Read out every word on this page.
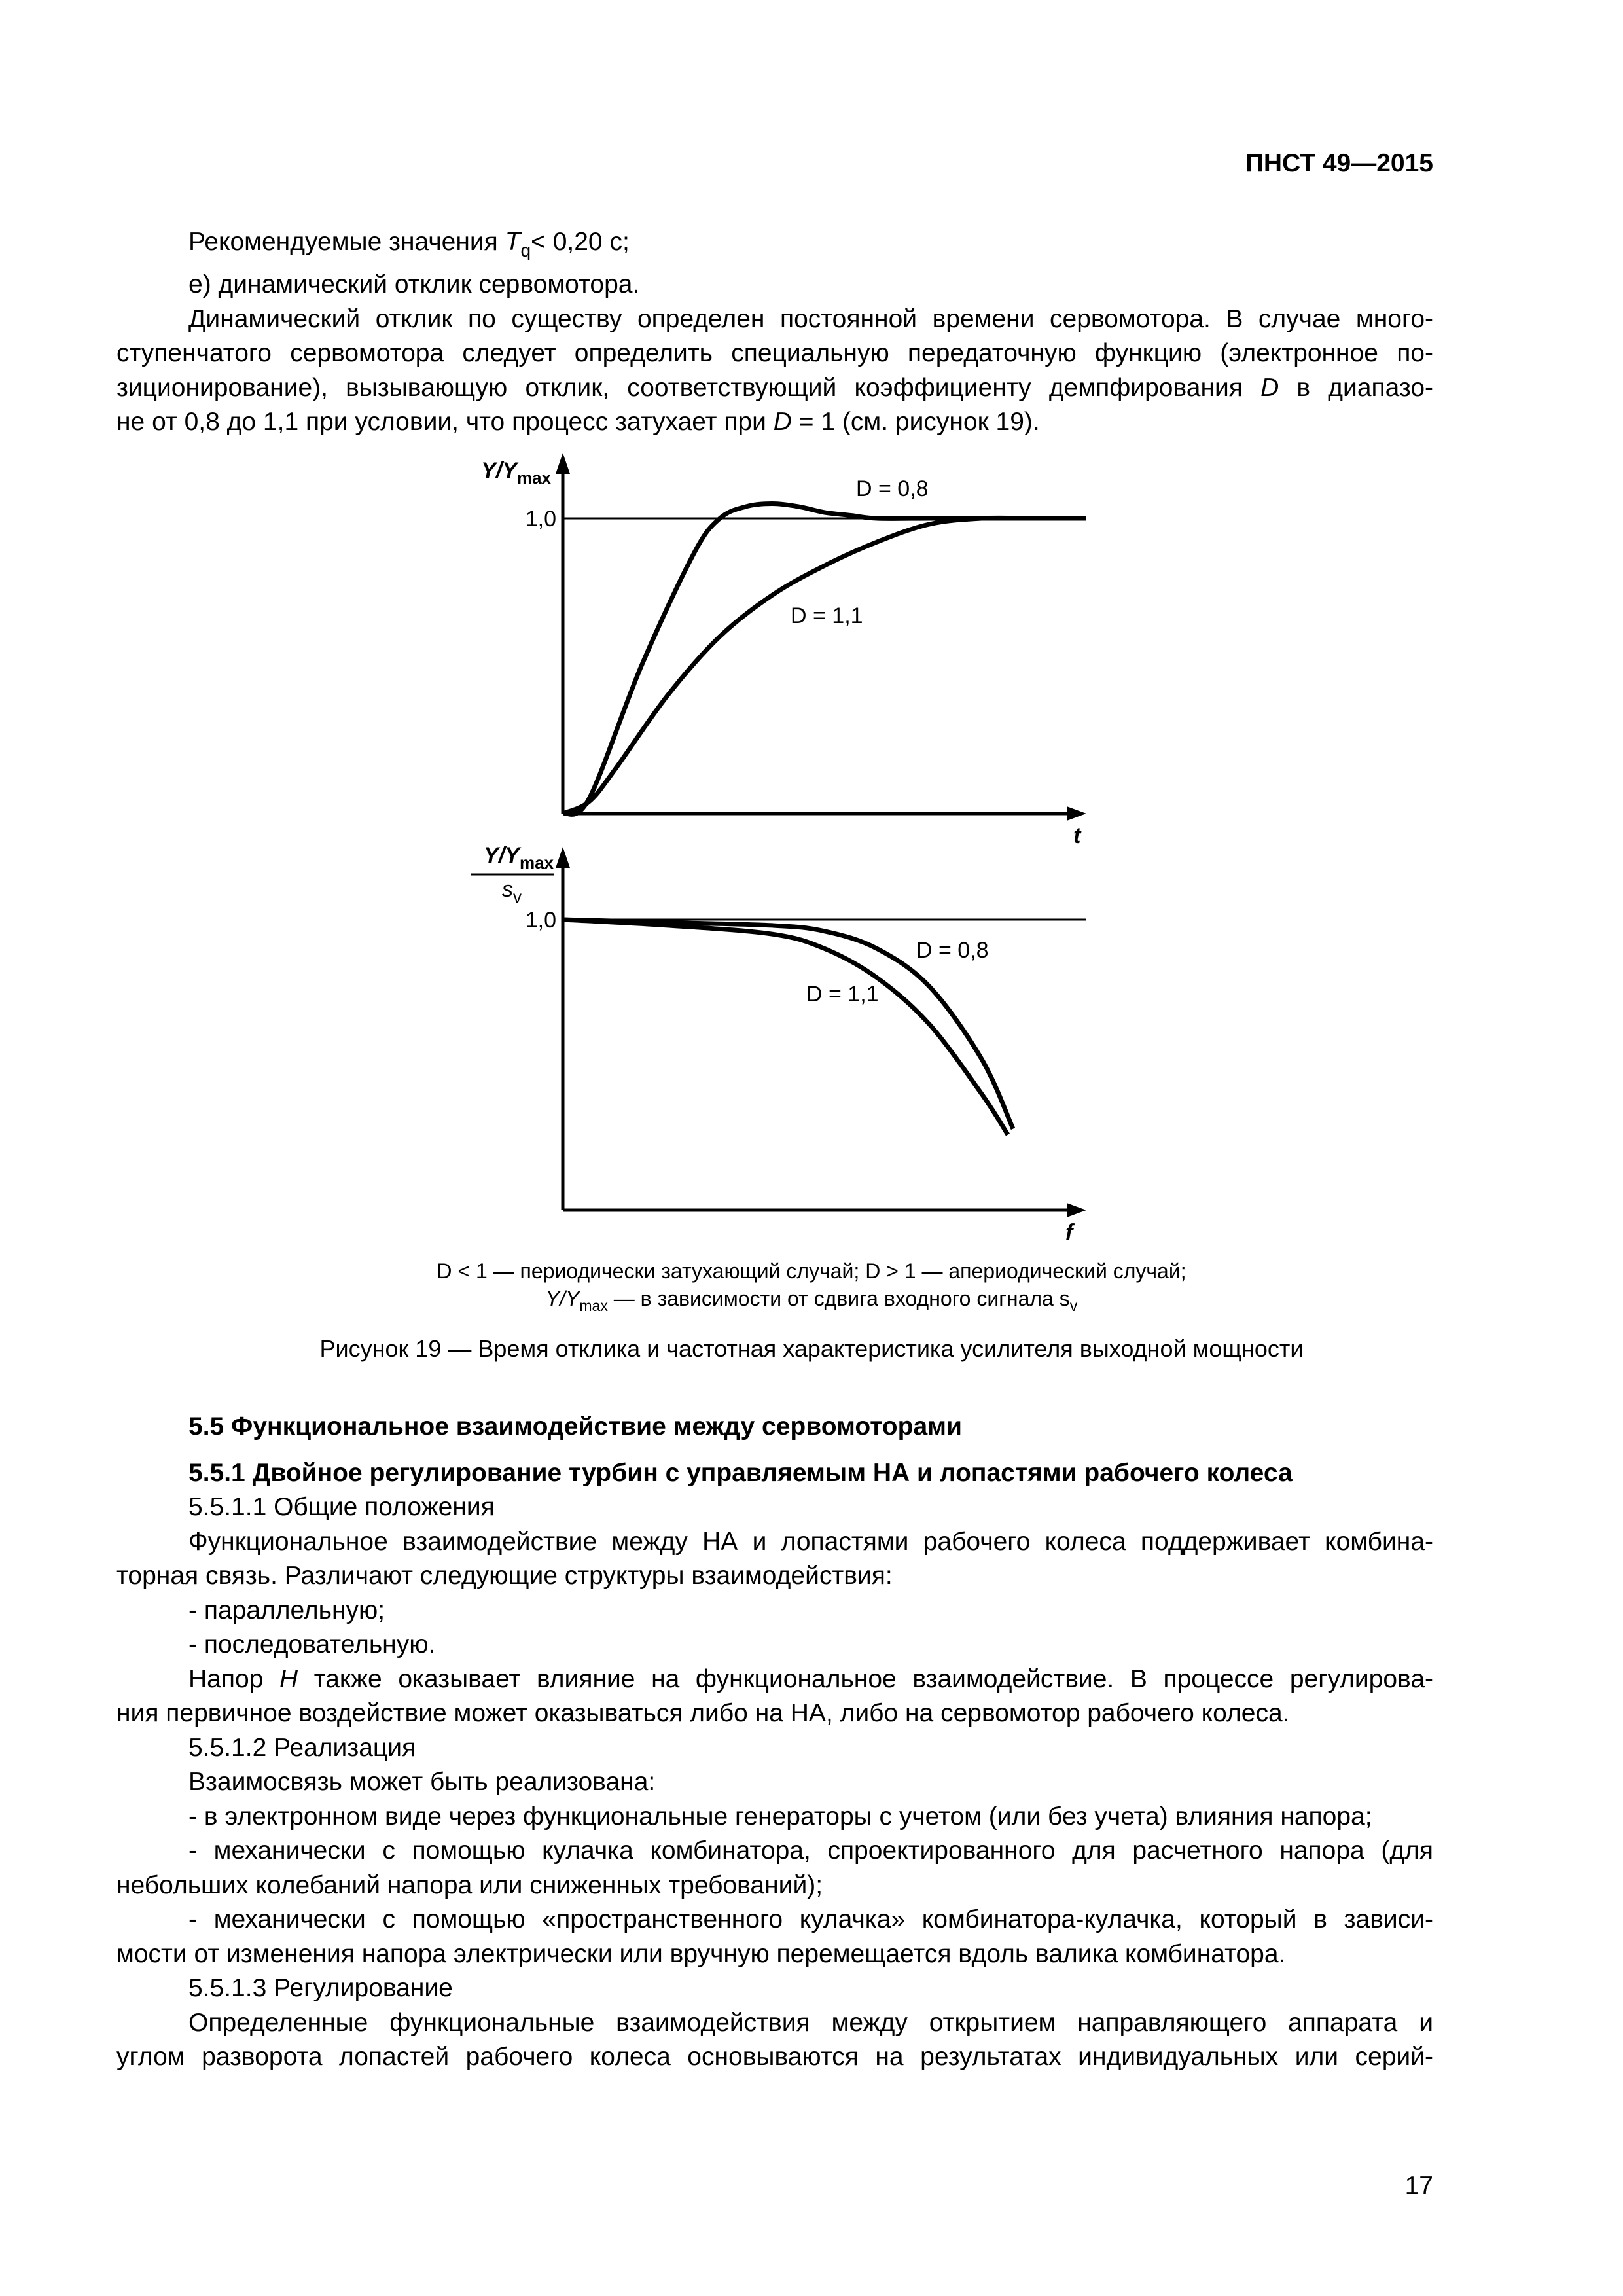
ПНСТ 49—2015

Рекомендуемые значения $T_q< 0,20$ с;

е) динамический отклик сервомотора.

Динамический отклик по существу определен постоянной времени сервомотора. В случае много-

ступенчатого сервомотора следует определить специальную передаточную функцию (электронное по-

зиционирование), вызывающую отклик, соответствующий коэффициенту демпфирования D в диапазо-

не от 0,8 до 1,1 при условии, что процесс затухает при D = 1 (см. рисунок 19).

$Y/Y_{max}$
1,0
t
D = 0,8
D = 1,1
$Y/Y_{max}$
$s_v$
1,0
f
D = 0,8
D = 1,1
D < 1 — периодически затухающий случай; D > 1 — апериодический случай;
$Y/Y_{max}$ — в зависимости от сдвига входного сигнала $s_v$
Рисунок 19 — Время отклика и частотная характеристика усилителя выходной мощности

5.5 Функциональное взаимодействие между сервомоторами

5.5.1 Двойное регулирование турбин с управляемым НА и лопастями рабочего колеса

5.5.1.1 Общие положения

Функциональное взаимодействие между НА и лопастями рабочего колеса поддерживает комбина-

торная связь. Различают следующие структуры взаимодействия:

- параллельную;

- последовательную.

Напор H также оказывает влияние на функциональное взаимодействие. В процессе регулирова-

ния первичное воздействие может оказываться либо на НА, либо на сервомотор рабочего колеса.

5.5.1.2 Реализация

Взаимосвязь может быть реализована:

- в электронном виде через функциональные генераторы с учетом (или без учета) влияния напора;

- механически с помощью кулачка комбинатора, спроектированного для расчетного напора (для

небольших колебаний напора или сниженных требований);

- механически с помощью «пространственного кулачка» комбинатора-кулачка, который в зависи-

мости от изменения напора электрически или вручную перемещается вдоль валика комбинатора.

5.5.1.3 Регулирование

Определенные функциональные взаимодействия между открытием направляющего аппарата и

углом разворота лопастей рабочего колеса основываются на результатах индивидуальных или серий-

17
